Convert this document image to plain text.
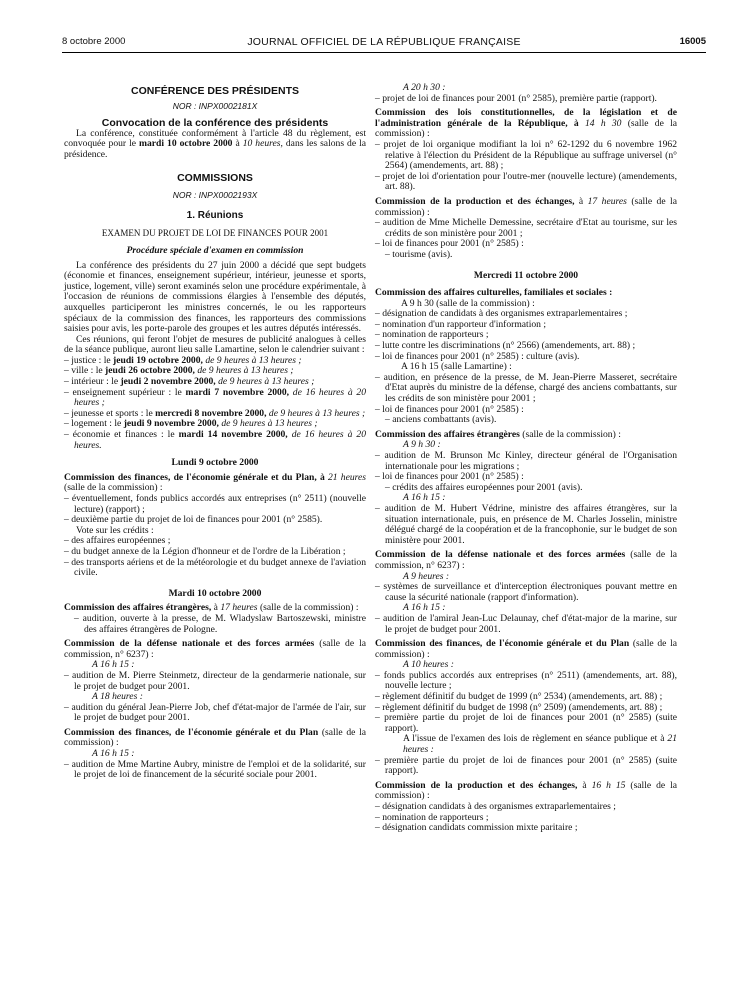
8 octobre 2000	JOURNAL OFFICIEL DE LA RÉPUBLIQUE FRANÇAISE	16005

CONFÉRENCE DES PRÉSIDENTS

NOR : INPX0002181X

Convocation de la conférence des présidents

La conférence, constituée conformément à l'article 48 du règlement, est convoquée pour le mardi 10 octobre 2000 à 10 heures, dans les salons de la présidence.

COMMISSIONS

NOR : INPX0002193X

1. Réunions

EXAMEN DU PROJET DE LOI DE FINANCES POUR 2001

Procédure spéciale d'examen en commission

La conférence des présidents du 27 juin 2000 a décidé que sept budgets (économie et finances, enseignement supérieur, intérieur, jeunesse et sports, justice, logement, ville) seront examinés selon une procédure expérimentale, à l'occasion de réunions de commissions élargies à l'ensemble des députés, auxquelles participeront les ministres concernés, le ou les rapporteurs spéciaux de la commission des finances, les rapporteurs des commissions saisies pour avis, les porte-parole des groupes et les autres députés intéressés.

Ces réunions, qui feront l'objet de mesures de publicité analogues à celles de la séance publique, auront lieu salle Lamartine, selon le calendrier suivant :

– justice : le jeudi 19 octobre 2000, de 9 heures à 13 heures ;

– ville : le jeudi 26 octobre 2000, de 9 heures à 13 heures ;

– intérieur : le jeudi 2 novembre 2000, de 9 heures à 13 heures ;

– enseignement supérieur : le mardi 7 novembre 2000, de 16 heures à 20 heures ;

– jeunesse et sports : le mercredi 8 novembre 2000, de 9 heures à 13 heures ;

– logement : le jeudi 9 novembre 2000, de 9 heures à 13 heures ;

– économie et finances : le mardi 14 novembre 2000, de 16 heures à 20 heures.

Lundi 9 octobre 2000

Commission des finances, de l'économie générale et du Plan, à 21 heures (salle de la commission) :

– éventuellement, fonds publics accordés aux entreprises (n° 2511) (nouvelle lecture) (rapport) ;

– deuxième partie du projet de loi de finances pour 2001 (n° 2585).

Vote sur les crédits :

– des affaires européennes ;

– du budget annexe de la Légion d'honneur et de l'ordre de la Libération ;

– des transports aériens et de la météorologie et du budget annexe de l'aviation civile.

Mardi 10 octobre 2000

Commission des affaires étrangères, à 17 heures (salle de la commission) :

– audition, ouverte à la presse, de M. Wladyslaw Bartoszewski, ministre des affaires étrangères de Pologne.

Commission de la défense nationale et des forces armées (salle de la commission, n° 6237) :

A 16 h 15 :

– audition de M. Pierre Steinmetz, directeur de la gendarmerie nationale, sur le projet de budget pour 2001.

A 18 heures :

– audition du général Jean-Pierre Job, chef d'état-major de l'armée de l'air, sur le projet de budget pour 2001.

Commission des finances, de l'économie générale et du Plan (salle de la commission) :

A 16 h 15 :

– audition de Mme Martine Aubry, ministre de l'emploi et de la solidarité, sur le projet de loi de financement de la sécurité sociale pour 2001.

A 20 h 30 :

– projet de loi de finances pour 2001 (n° 2585), première partie (rapport).

Commission des lois constitutionnelles, de la législation et de l'administration générale de la République, à 14 h 30 (salle de la commission) :

– projet de loi organique modifiant la loi n° 62-1292 du 6 novembre 1962 relative à l'élection du Président de la République au suffrage universel (n° 2564) (amendements, art. 88) ;

– projet de loi d'orientation pour l'outre-mer (nouvelle lecture) (amendements, art. 88).

Commission de la production et des échanges, à 17 heures (salle de la commission) :

– audition de Mme Michelle Demessine, secrétaire d'Etat au tourisme, sur les crédits de son ministère pour 2001 ;

– loi de finances pour 2001 (n° 2585) :

– tourisme (avis).

Mercredi 11 octobre 2000

Commission des affaires culturelles, familiales et sociales :

A 9 h 30 (salle de la commission) :

– désignation de candidats à des organismes extraparlementaires ;

– nomination d'un rapporteur d'information ;

– nomination de rapporteurs ;

– lutte contre les discriminations (n° 2566) (amendements, art. 88) ;

– loi de finances pour 2001 (n° 2585) : culture (avis).

A 16 h 15 (salle Lamartine) :

– audition, en présence de la presse, de M. Jean-Pierre Masseret, secrétaire d'Etat auprès du ministre de la défense, chargé des anciens combattants, sur les crédits de son ministère pour 2001 ;

– loi de finances pour 2001 (n° 2585) :

– anciens combattants (avis).

Commission des affaires étrangères (salle de la commission) :

A 9 h 30 :

– audition de M. Brunson Mc Kinley, directeur général de l'Organisation internationale pour les migrations ;

– loi de finances pour 2001 (n° 2585) :

– crédits des affaires européennes pour 2001 (avis).

A 16 h 15 :

– audition de M. Hubert Védrine, ministre des affaires étrangères, sur la situation internationale, puis, en présence de M. Charles Josselin, ministre délégué chargé de la coopération et de la francophonie, sur le budget de son ministère pour 2001.

Commission de la défense nationale et des forces armées (salle de la commission, n° 6237) :

A 9 heures :

– systèmes de surveillance et d'interception électroniques pouvant mettre en cause la sécurité nationale (rapport d'information).

A 16 h 15 :

– audition de l'amiral Jean-Luc Delaunay, chef d'état-major de la marine, sur le projet de budget pour 2001.

Commission des finances, de l'économie générale et du Plan (salle de la commission) :

A 10 heures :

– fonds publics accordés aux entreprises (n° 2511) (amendements, art. 88), nouvelle lecture ;

– règlement définitif du budget de 1999 (n° 2534) (amendements, art. 88) ;

– règlement définitif du budget de 1998 (n° 2509) (amendements, art. 88) ;

– première partie du projet de loi de finances pour 2001 (n° 2585) (suite rapport).

A l'issue de l'examen des lois de règlement en séance publique et à 21 heures :

– première partie du projet de loi de finances pour 2001 (n° 2585) (suite rapport).

Commission de la production et des échanges, à 16 h 15 (salle de la commission) :

– désignation candidats à des organismes extraparlementaires ;

– nomination de rapporteurs ;

– désignation candidats commission mixte paritaire ;
